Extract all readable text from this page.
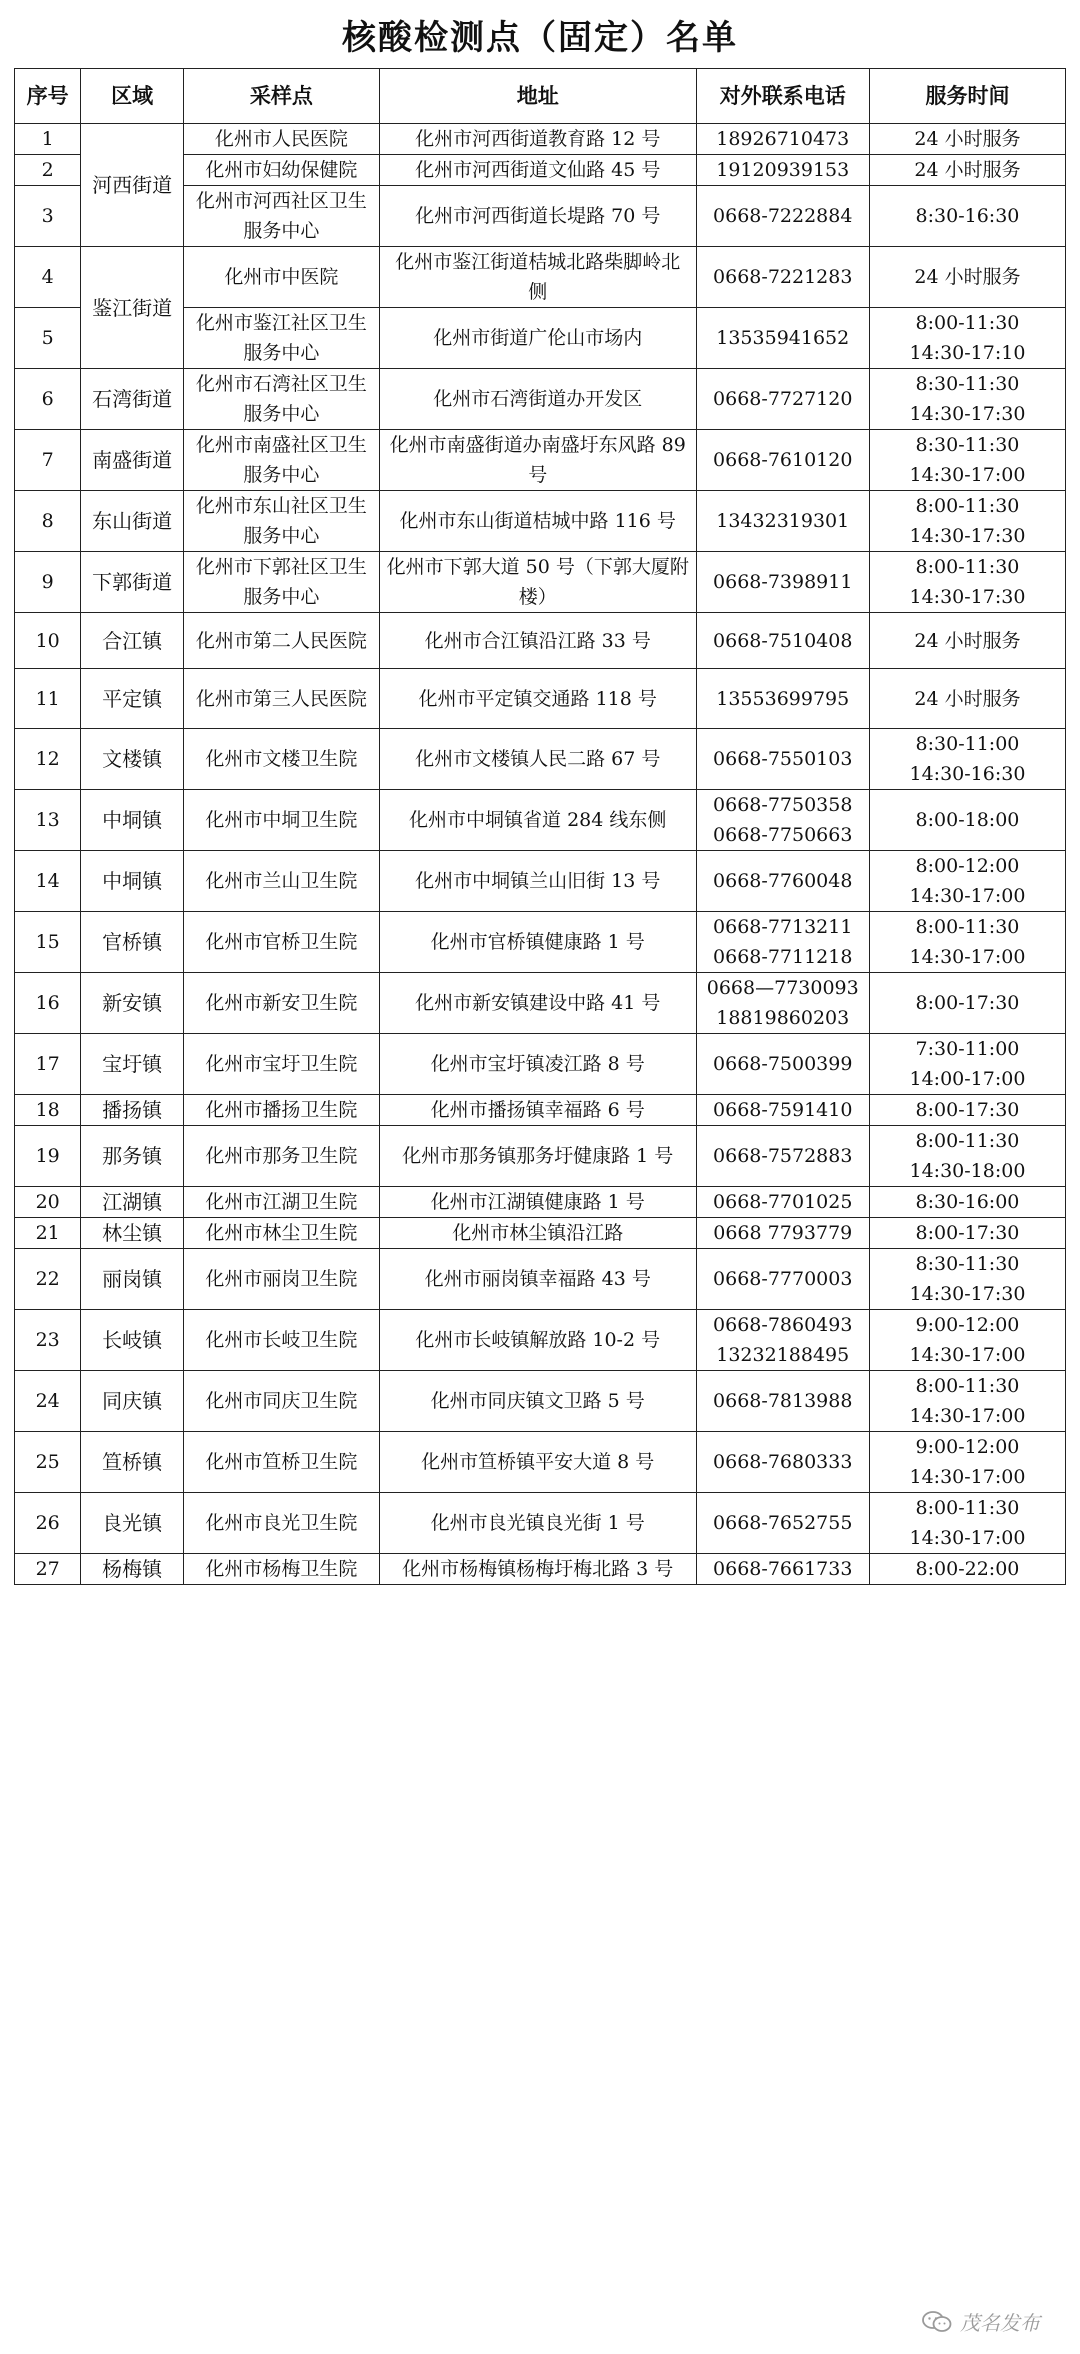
核酸检测点（固定）名单
序号	区域	采样点	地址	对外联系电话	服务时间
1	河西街道	化州市人民医院	化州市河西街道教育路 12 号	18926710473	24 小时服务

2		化州市妇幼保健院	化州市河西街道文仙路 45 号	19120939153	24 小时服务

3		化州市河西社区卫生服务中心	化州市河西街道长堤路 70 号	0668-7222884	8:30-16:30

4	鉴江街道	化州市中医院	化州市鉴江街道桔城北路柴脚岭北侧	0668-7221283	24 小时服务

5		化州市鉴江社区卫生服务中心	化州市街道广伦山市场内	13535941652	8:00-11:30
14:30-17:10

6	石湾街道	化州市石湾社区卫生服务中心	化州市石湾街道办开发区	0668-7727120	8:30-11:30
14:30-17:30

7	南盛街道	化州市南盛社区卫生服务中心	化州市南盛街道办南盛圩东风路 89 号	0668-7610120	8:30-11:30
14:30-17:00

8	东山街道	化州市东山社区卫生服务中心	化州市东山街道桔城中路 116 号	13432319301	8:00-11:30
14:30-17:30

9	下郭街道	化州市下郭社区卫生服务中心	化州市下郭大道 50 号（下郭大厦附楼）	0668-7398911	8:00-11:30
14:30-17:30

10	合江镇	化州市第二人民医院	化州市合江镇沿江路 33 号	0668-7510408	24 小时服务

11	平定镇	化州市第三人民医院	化州市平定镇交通路 118 号	13553699795	24 小时服务

12	文楼镇	化州市文楼卫生院	化州市文楼镇人民二路 67 号	0668-7550103	8:30-11:00
14:30-16:30

13	中垌镇	化州市中垌卫生院	化州市中垌镇省道 284 线东侧	0668-7750358
0668-7750663	8:00-18:00

14	中垌镇	化州市兰山卫生院	化州市中垌镇兰山旧街 13 号	0668-7760048	8:00-12:00
14:30-17:00

15	官桥镇	化州市官桥卫生院	化州市官桥镇健康路 1 号	0668-7713211
0668-7711218	8:00-11:30
14:30-17:00

16	新安镇	化州市新安卫生院	化州市新安镇建设中路 41 号	0668—7730093
18819860203	8:00-17:30

17	宝圩镇	化州市宝圩卫生院	化州市宝圩镇凌江路 8 号	0668-7500399	7:30-11:00
14:00-17:00

18	播扬镇	化州市播扬卫生院	化州市播扬镇幸福路 6 号	0668-7591410	8:00-17:30

19	那务镇	化州市那务卫生院	化州市那务镇那务圩健康路 1 号	0668-7572883	8:00-11:30
14:30-18:00

20	江湖镇	化州市江湖卫生院	化州市江湖镇健康路 1 号	0668-7701025	8:30-16:00

21	林尘镇	化州市林尘卫生院	化州市林尘镇沿江路	0668 7793779	8:00-17:30

22	丽岗镇	化州市丽岗卫生院	化州市丽岗镇幸福路 43 号	0668-7770003	8:30-11:30
14:30-17:30

23	长岐镇	化州市长岐卫生院	化州市长岐镇解放路 10-2 号	0668-7860493
13232188495	9:00-12:00
14:30-17:00

24	同庆镇	化州市同庆卫生院	化州市同庆镇文卫路 5 号	0668-7813988	8:00-11:30
14:30-17:00

25	笪桥镇	化州市笪桥卫生院	化州市笪桥镇平安大道 8 号	0668-7680333	9:00-12:00
14:30-17:00

26	良光镇	化州市良光卫生院	化州市良光镇良光街 1 号	0668-7652755	8:00-11:30
14:30-17:00

27	杨梅镇	化州市杨梅卫生院	化州市杨梅镇杨梅圩梅北路 3 号	0668-7661733	8:00-22:00
茂名发布
